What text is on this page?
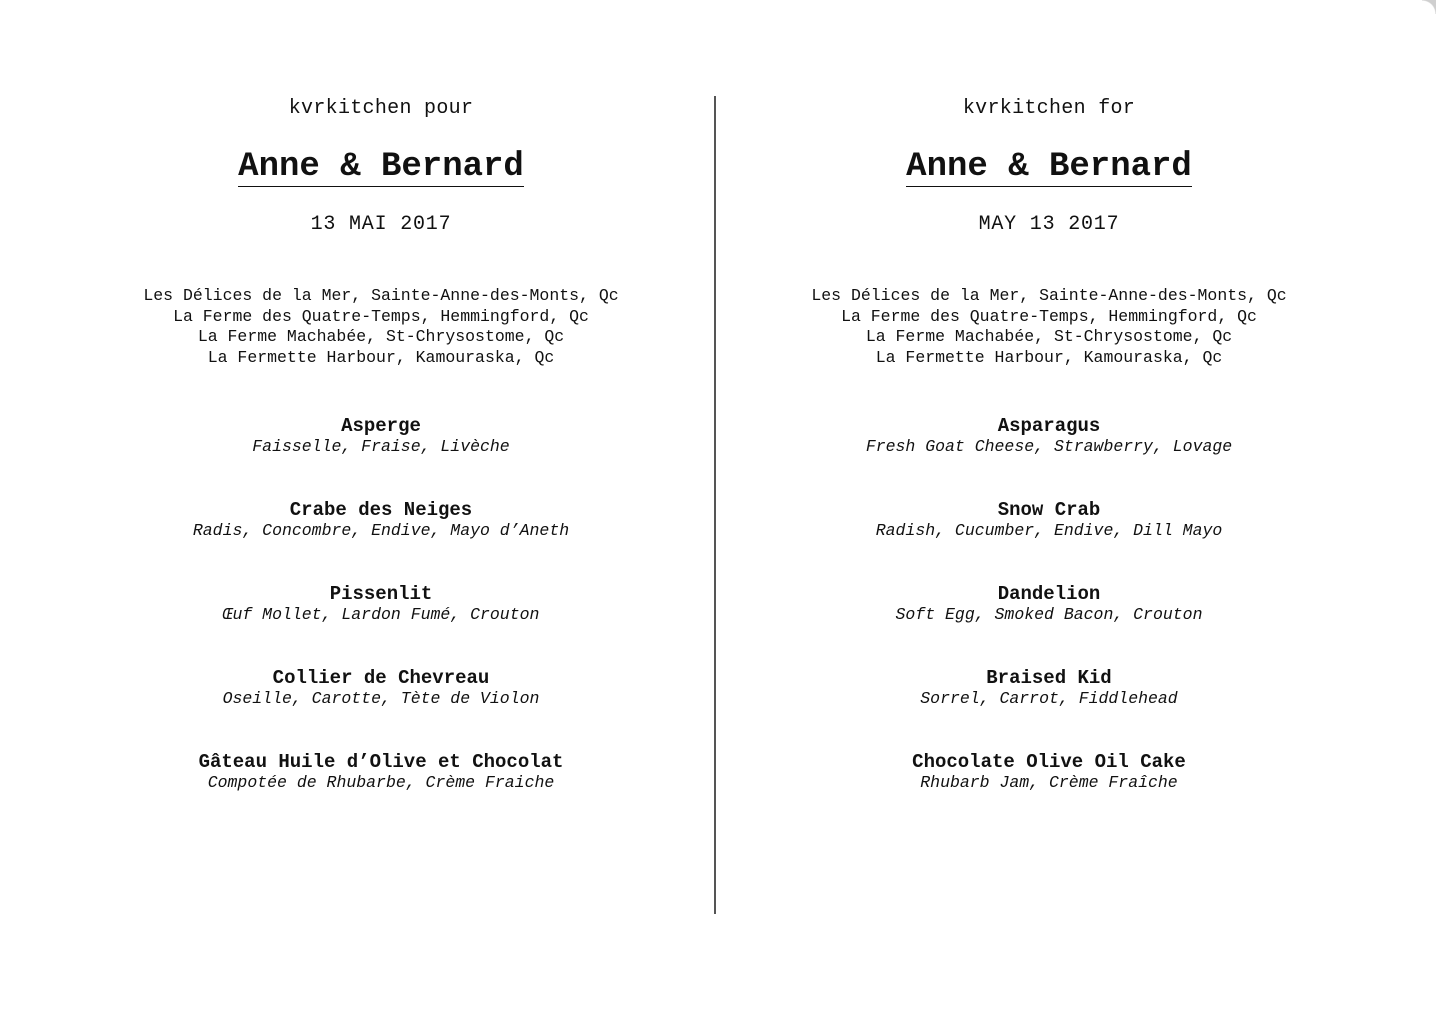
kvrkitchen pour
Anne & Bernard
13 MAI 2017
Les Délices de la Mer, Sainte-Anne-des-Monts, Qc
La Ferme des Quatre-Temps, Hemmingford, Qc
La Ferme Machabée, St-Chrysostome, Qc
La Fermette Harbour, Kamouraska, Qc
Asperge
Faisselle, Fraise, Livèche
Crabe des Neiges
Radis, Concombre, Endive, Mayo d’Aneth
Pissenlit
Œuf Mollet, Lardon Fumé, Crouton
Collier de Chevreau
Oseille, Carotte, Tète de Violon
Gâteau Huile d’Olive et Chocolat
Compotée de Rhubarbe, Crème Fraiche
kvrkitchen for
Anne & Bernard
MAY 13 2017
Les Délices de la Mer, Sainte-Anne-des-Monts, Qc
La Ferme des Quatre-Temps, Hemmingford, Qc
La Ferme Machabée, St-Chrysostome, Qc
La Fermette Harbour, Kamouraska, Qc
Asparagus
Fresh Goat Cheese, Strawberry, Lovage
Snow Crab
Radish, Cucumber, Endive, Dill Mayo
Dandelion
Soft Egg, Smoked Bacon, Crouton
Braised Kid
Sorrel, Carrot, Fiddlehead
Chocolate Olive Oil Cake
Rhubarb Jam, Crème Fraîche
